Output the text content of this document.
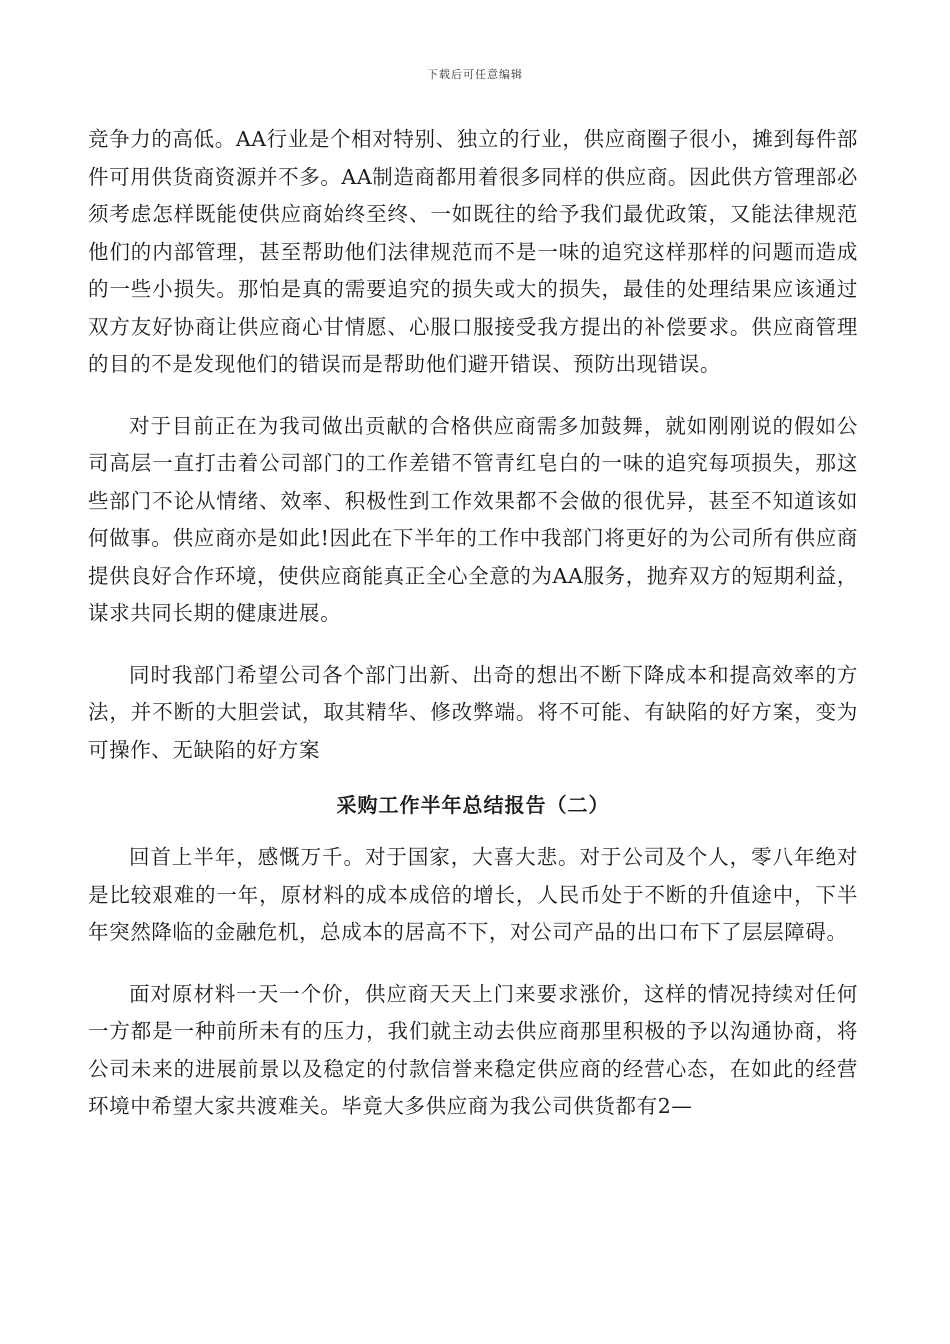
下载后可任意编辑

竞争力的高低。AA行业是个相对特别、独立的行业，供应商圈子很小，摊到每件部件可用供货商资源并不多。AA制造商都用着很多同样的供应商。因此供方管理部必须考虑怎样既能使供应商始终至终、一如既往的给予我们最优政策，又能法律规范他们的内部管理，甚至帮助他们法律规范而不是一味的追究这样那样的问题而造成的一些小损失。那怕是真的需要追究的损失或大的损失，最佳的处理结果应该通过双方友好协商让供应商心甘情愿、心服口服接受我方提出的补偿要求。供应商管理的目的不是发现他们的错误而是帮助他们避开错误、预防出现错误。

对于目前正在为我司做出贡献的合格供应商需多加鼓舞，就如刚刚说的假如公司高层一直打击着公司部门的工作差错不管青红皂白的一味的追究每项损失，那这些部门不论从情绪、效率、积极性到工作效果都不会做的很优异，甚至不知道该如何做事。供应商亦是如此!因此在下半年的工作中我部门将更好的为公司所有供应商提供良好合作环境，使供应商能真正全心全意的为AA服务，抛弃双方的短期利益，谋求共同长期的健康进展。

同时我部门希望公司各个部门出新、出奇的想出不断下降成本和提高效率的方法，并不断的大胆尝试，取其精华、修改弊端。将不可能、有缺陷的好方案，变为可操作、无缺陷的好方案

采购工作半年总结报告（二）

回首上半年，感慨万千。对于国家，大喜大悲。对于公司及个人，零八年绝对是比较艰难的一年，原材料的成本成倍的增长，人民币处于不断的升值途中，下半年突然降临的金融危机，总成本的居高不下，对公司产品的出口布下了层层障碍。

面对原材料一天一个价，供应商天天上门来要求涨价，这样的情况持续对任何一方都是一种前所未有的压力，我们就主动去供应商那里积极的予以沟通协商，将公司未来的进展前景以及稳定的付款信誉来稳定供应商的经营心态，在如此的经营环境中希望大家共渡难关。毕竟大多供应商为我公司供货都有2—
